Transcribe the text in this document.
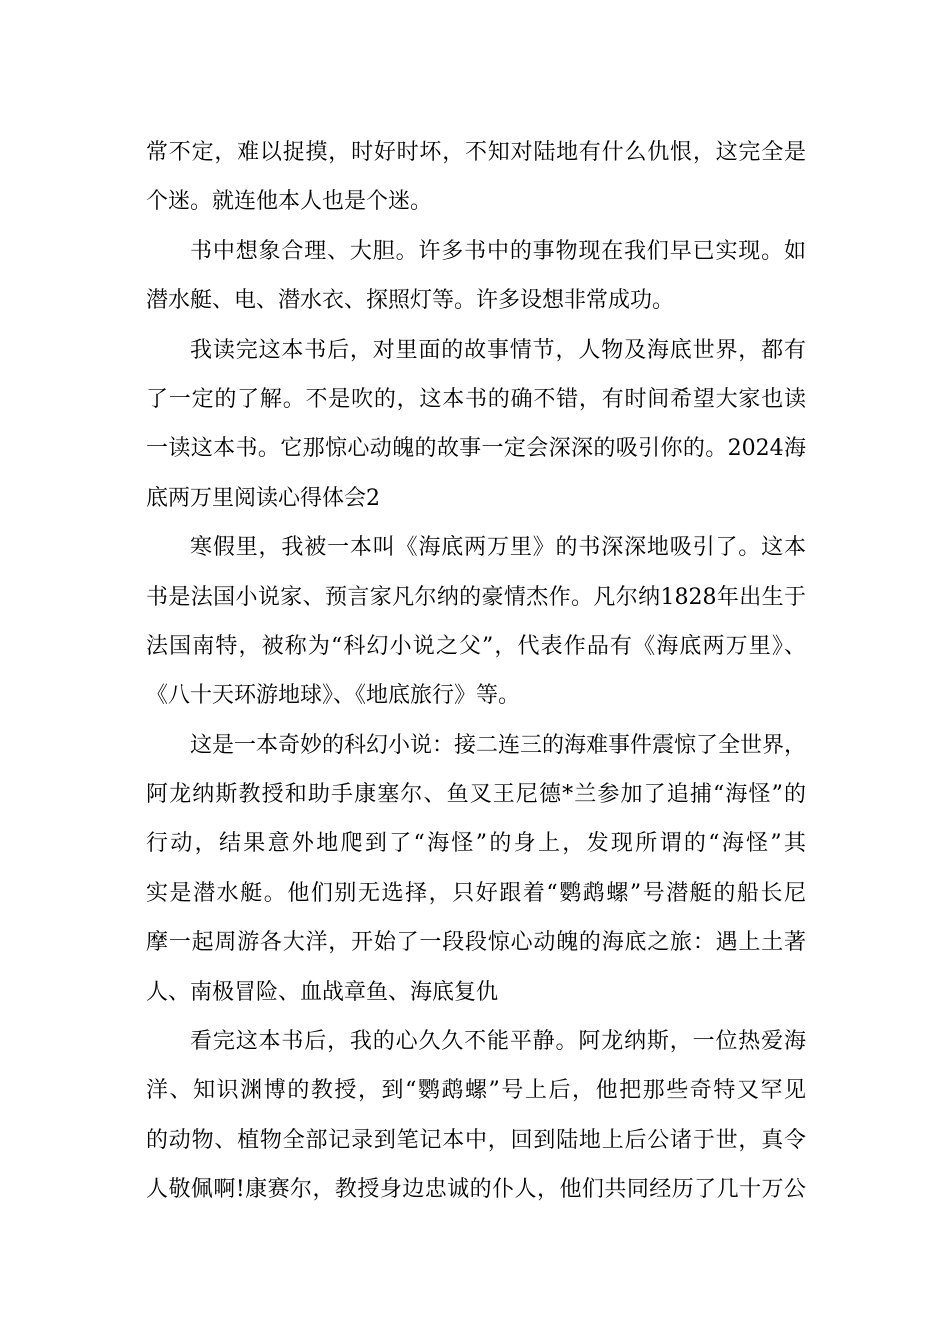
常不定，难以捉摸，时好时坏，不知对陆地有什么仇恨，这完全是
个迷。就连他本人也是个迷。
书中想象合理、大胆。许多书中的事物现在我们早已实现。如
潜水艇、电、潜水衣、探照灯等。许多设想非常成功。
我读完这本书后，对里面的故事情节，人物及海底世界，都有
了一定的了解。不是吹的，这本书的确不错，有时间希望大家也读
一读这本书。它那惊心动魄的故事一定会深深的吸引你的。2024海
底两万里阅读心得体会2
寒假里，我被一本叫《海底两万里》的书深深地吸引了。这本
书是法国小说家、预言家凡尔纳的豪情杰作。凡尔纳1828年出生于
法国南特，被称为“科幻小说之父”，代表作品有《海底两万里》、
《八十天环游地球》、《地底旅行》等。
这是一本奇妙的科幻小说：接二连三的海难事件震惊了全世界，
阿龙纳斯教授和助手康塞尔、鱼叉王尼德*兰参加了追捕“海怪”的
行动，结果意外地爬到了“海怪”的身上，发现所谓的“海怪”其
实是潜水艇。他们别无选择，只好跟着“鹦鹉螺”号潜艇的船长尼
摩一起周游各大洋，开始了一段段惊心动魄的海底之旅：遇上土著
人、南极冒险、血战章鱼、海底复仇
看完这本书后，我的心久久不能平静。阿龙纳斯，一位热爱海
洋、知识渊博的教授，到“鹦鹉螺”号上后，他把那些奇特又罕见
的动物、植物全部记录到笔记本中，回到陆地上后公诸于世，真令
人敬佩啊!康赛尔，教授身边忠诚的仆人，他们共同经历了几十万公
